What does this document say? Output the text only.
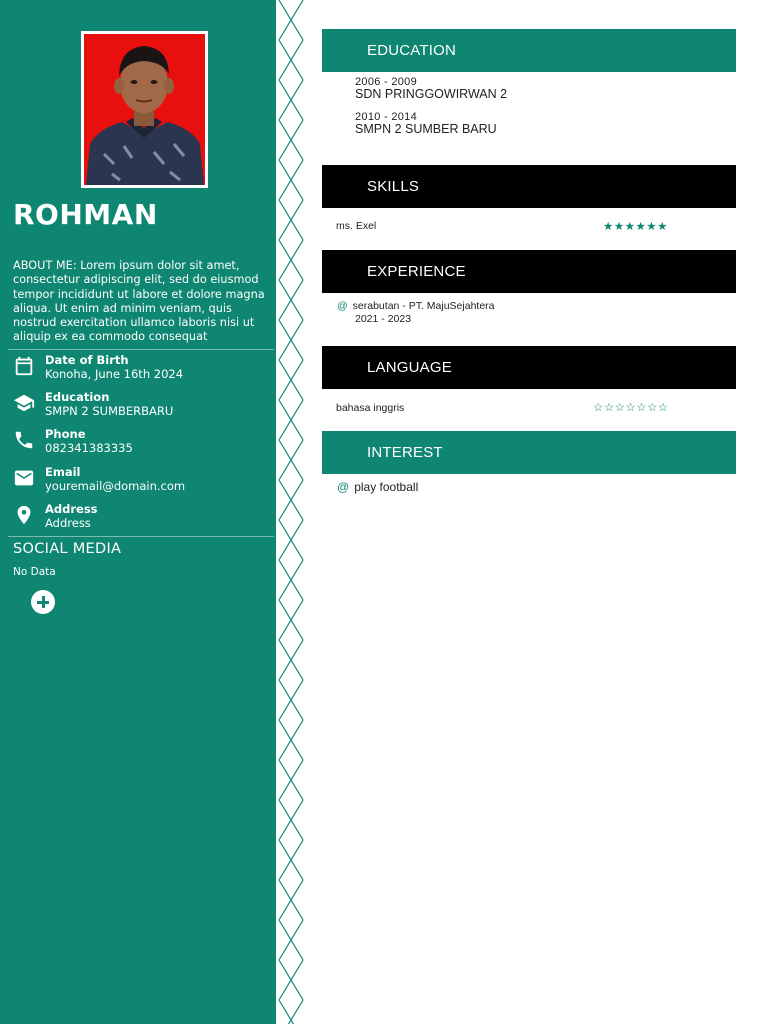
ROHMAN
ABOUT ME: Lorem ipsum dolor sit amet, consectetur adipiscing elit, sed do eiusmod tempor incididunt ut labore et dolore magna aliqua. Ut enim ad minim veniam, quis nostrud exercitation ullamco laboris nisi ut aliquip ex ea commodo consequat
Date of Birth
Konoha, June 16th 2024
Education
SMPN 2 SUMBERBARU
Phone
082341383335
Email
youremail@domain.com
Address
Address
SOCIAL MEDIA
No Data
EDUCATION
2006 - 2009
SDN PRINGGOWIRWAN 2
2010 - 2014
SMPN 2 SUMBER BARU
SKILLS
ms. Exel	★★★★★★
EXPERIENCE
@ serabutan - PT. MajuSejahtera
2021 - 2023
LANGUAGE
bahasa inggris	☆☆☆☆☆☆☆
INTEREST
@ play football
